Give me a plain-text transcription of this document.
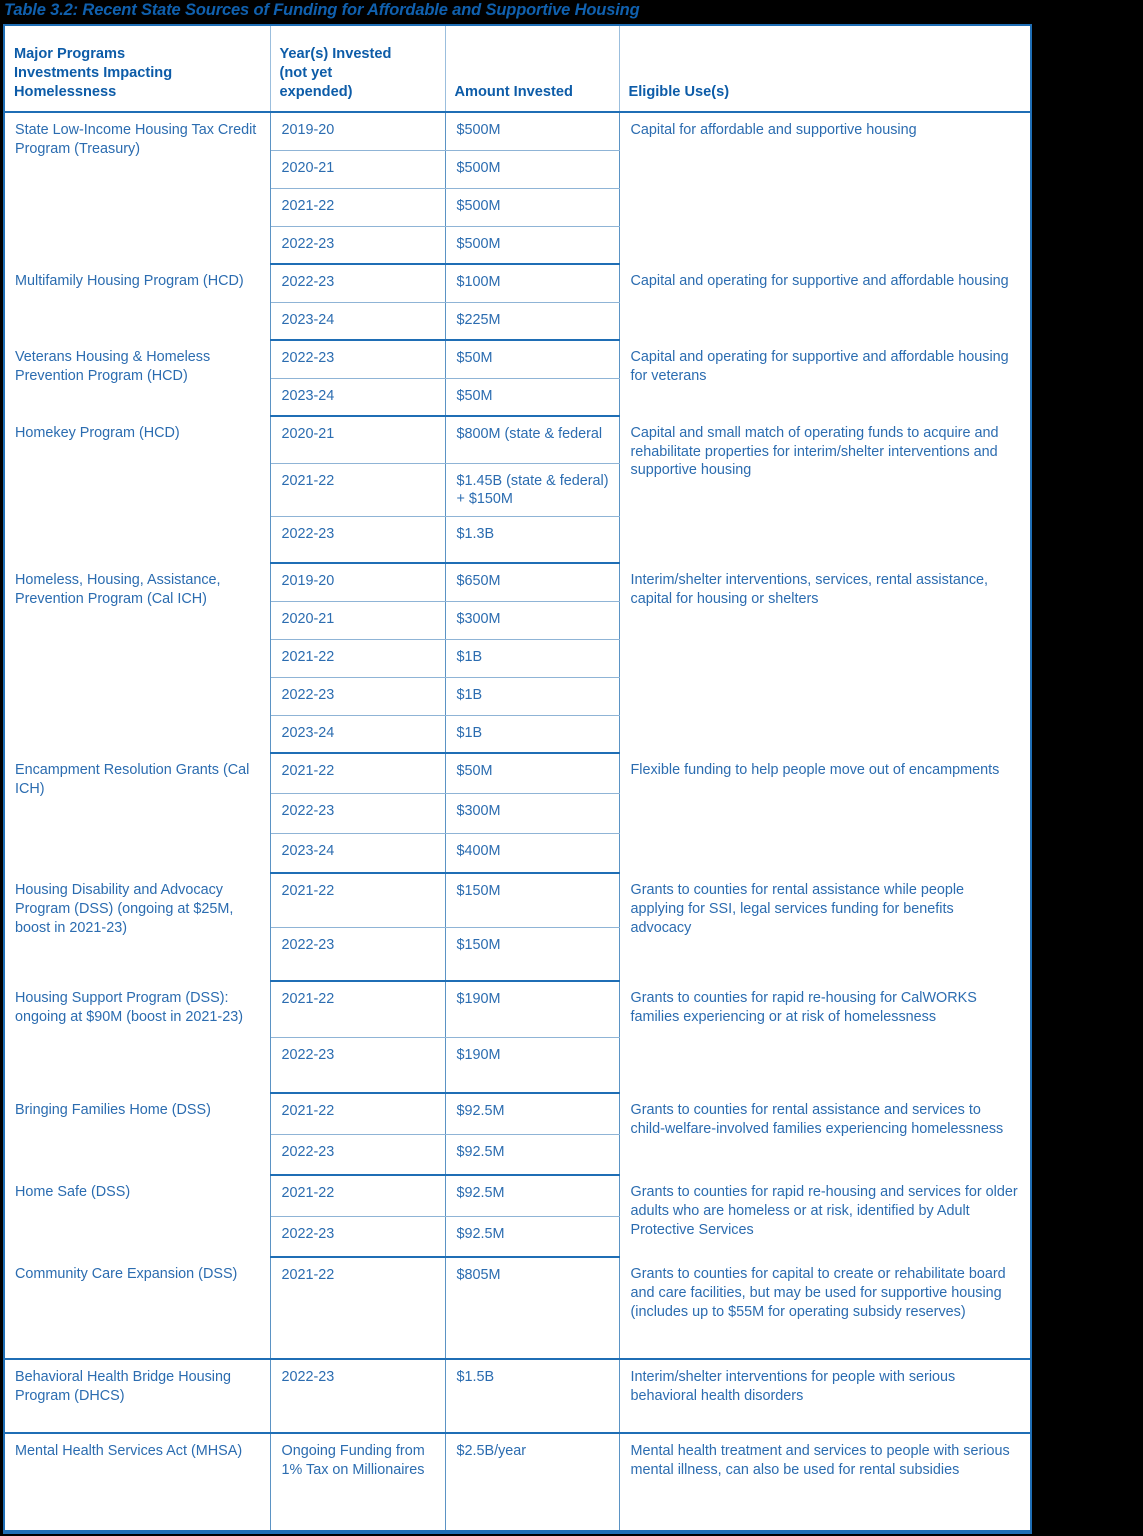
Table 3.2: Recent State Sources of Funding for Affordable and Supportive Housing
Major Programs
Investments Impacting
Homelessness	Year(s) Invested
(not yet
expended)	Amount Invested	Eligible Use(s)

State Low-Income Housing Tax Credit Program (Treasury)	2019-20	$500M	Capital for affordable and supportive housing
	2020-21	$500M	
	2021-22	$500M	
	2022-23	$500M	
Multifamily Housing Program (HCD)	2022-23	$100M	Capital and operating for supportive and affordable housing
	2023-24	$225M	
Veterans Housing & Homeless Prevention Program (HCD)	2022-23	$50M	Capital and operating for supportive and affordable housing for veterans
	2023-24	$50M	
Homekey Program (HCD)	2020-21	$800M (state & federal	Capital and small match of operating funds to acquire and rehabilitate properties for interim/shelter interventions and supportive housing
	2021-22	$1.45B (state & federal) + $150M	
	2022-23	$1.3B	
Homeless, Housing, Assistance, Prevention Program (Cal ICH)	2019-20	$650M	Interim/shelter interventions, services, rental assistance, capital for housing or shelters
	2020-21	$300M	
	2021-22	$1B	
	2022-23	$1B	
	2023-24	$1B	
Encampment Resolution Grants (Cal ICH)	2021-22	$50M	Flexible funding to help people move out of encampments
	2022-23	$300M	
	2023-24	$400M	
Housing Disability and Advocacy Program (DSS) (ongoing at $25M, boost in 2021-23)	2021-22	$150M	Grants to counties for rental assistance while people applying for SSI, legal services funding for benefits advocacy
	2022-23	$150M	
Housing Support Program (DSS): ongoing at $90M (boost in 2021-23)	2021-22	$190M	Grants to counties for rapid re-housing for CalWORKS families experiencing or at risk of homelessness
	2022-23	$190M	
Bringing Families Home (DSS)	2021-22	$92.5M	Grants to counties for rental assistance and services to child-welfare-involved families experiencing homelessness
	2022-23	$92.5M	
Home Safe (DSS)	2021-22	$92.5M	Grants to counties for rapid re-housing and services for older adults who are homeless or at risk, identified by Adult Protective Services
	2022-23	$92.5M	
Community Care Expansion (DSS)	2021-22	$805M	Grants to counties for capital to create or rehabilitate board and care facilities, but may be used for supportive housing (includes up to $55M for operating subsidy reserves)
Behavioral Health Bridge Housing Program (DHCS)	2022-23	$1.5B	Interim/shelter interventions for people with serious behavioral health disorders
Mental Health Services Act (MHSA)	Ongoing Funding from 1% Tax on Millionaires	$2.5B/year	Mental health treatment and services to people with serious mental illness, can also be used for rental subsidies
